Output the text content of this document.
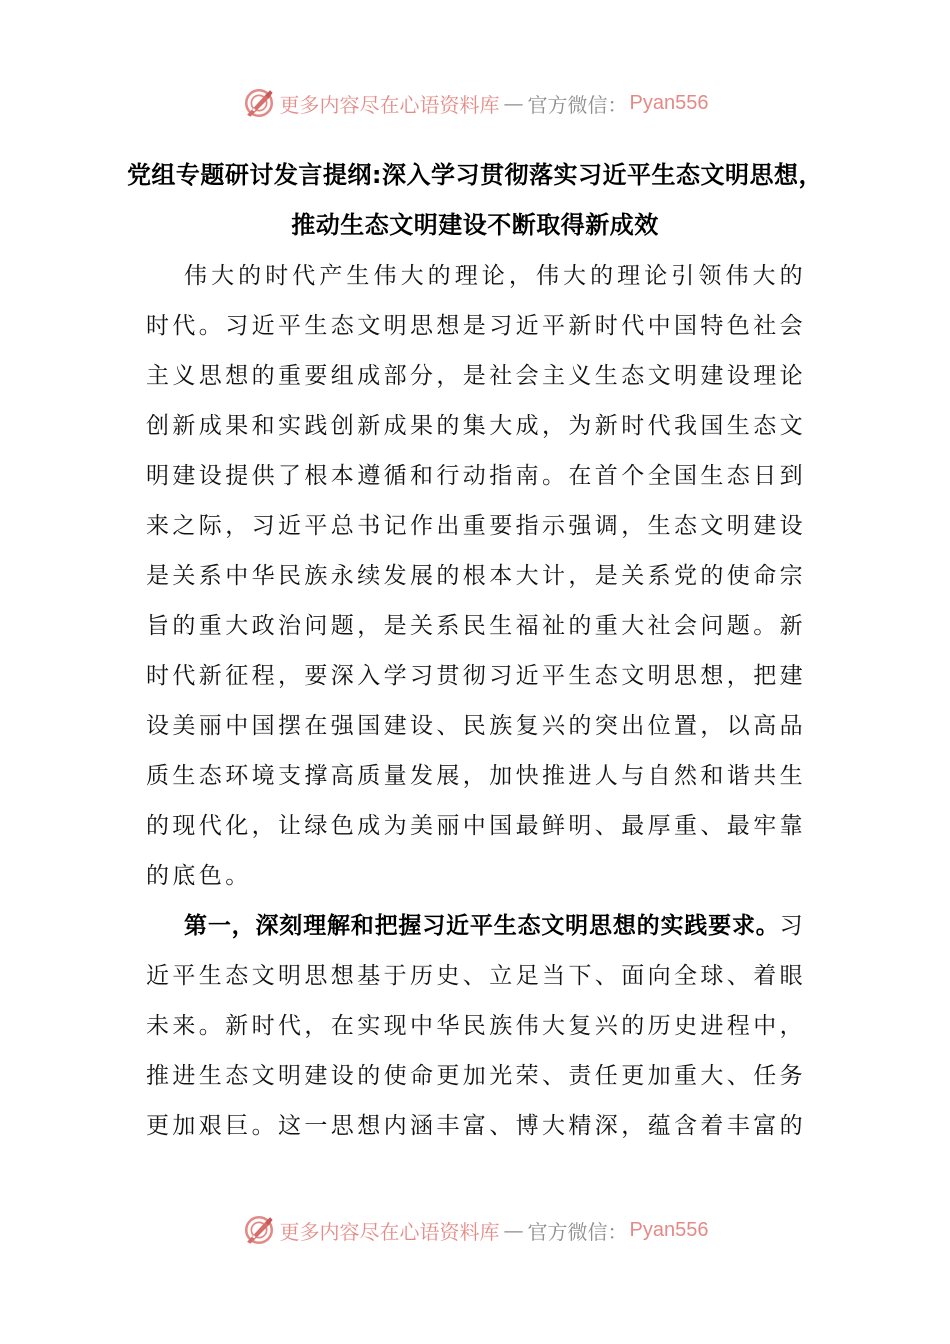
更多内容尽在心语资料库 — 官方微信： Pyan556
党组专题研讨发言提纲:深入学习贯彻落实习近平生态文明思想，推动生态文明建设不断取得新成效
伟大的时代产生伟大的理论，伟大的理论引领伟大的时代。习近平生态文明思想是习近平新时代中国特色社会主义思想的重要组成部分，是社会主义生态文明建设理论创新成果和实践创新成果的集大成，为新时代我国生态文明建设提供了根本遵循和行动指南。在首个全国生态日到来之际，习近平总书记作出重要指示强调，生态文明建设是关系中华民族永续发展的根本大计，是关系党的使命宗旨的重大政治问题，是关系民生福祉的重大社会问题。新时代新征程，要深入学习贯彻习近平生态文明思想，把建设美丽中国摆在强国建设、民族复兴的突出位置，以高品质生态环境支撑高质量发展，加快推进人与自然和谐共生的现代化，让绿色成为美丽中国最鲜明、最厚重、最牢靠的底色。
第一，深刻理解和把握习近平生态文明思想的实践要求。习近平生态文明思想基于历史、立足当下、面向全球、着眼未来。新时代，在实现中华民族伟大复兴的历史进程中，推进生态文明建设的使命更加光荣、责任更加重大、任务更加艰巨。这一思想内涵丰富、博大精深，蕴含着丰富的
更多内容尽在心语资料库 — 官方微信： Pyan556
